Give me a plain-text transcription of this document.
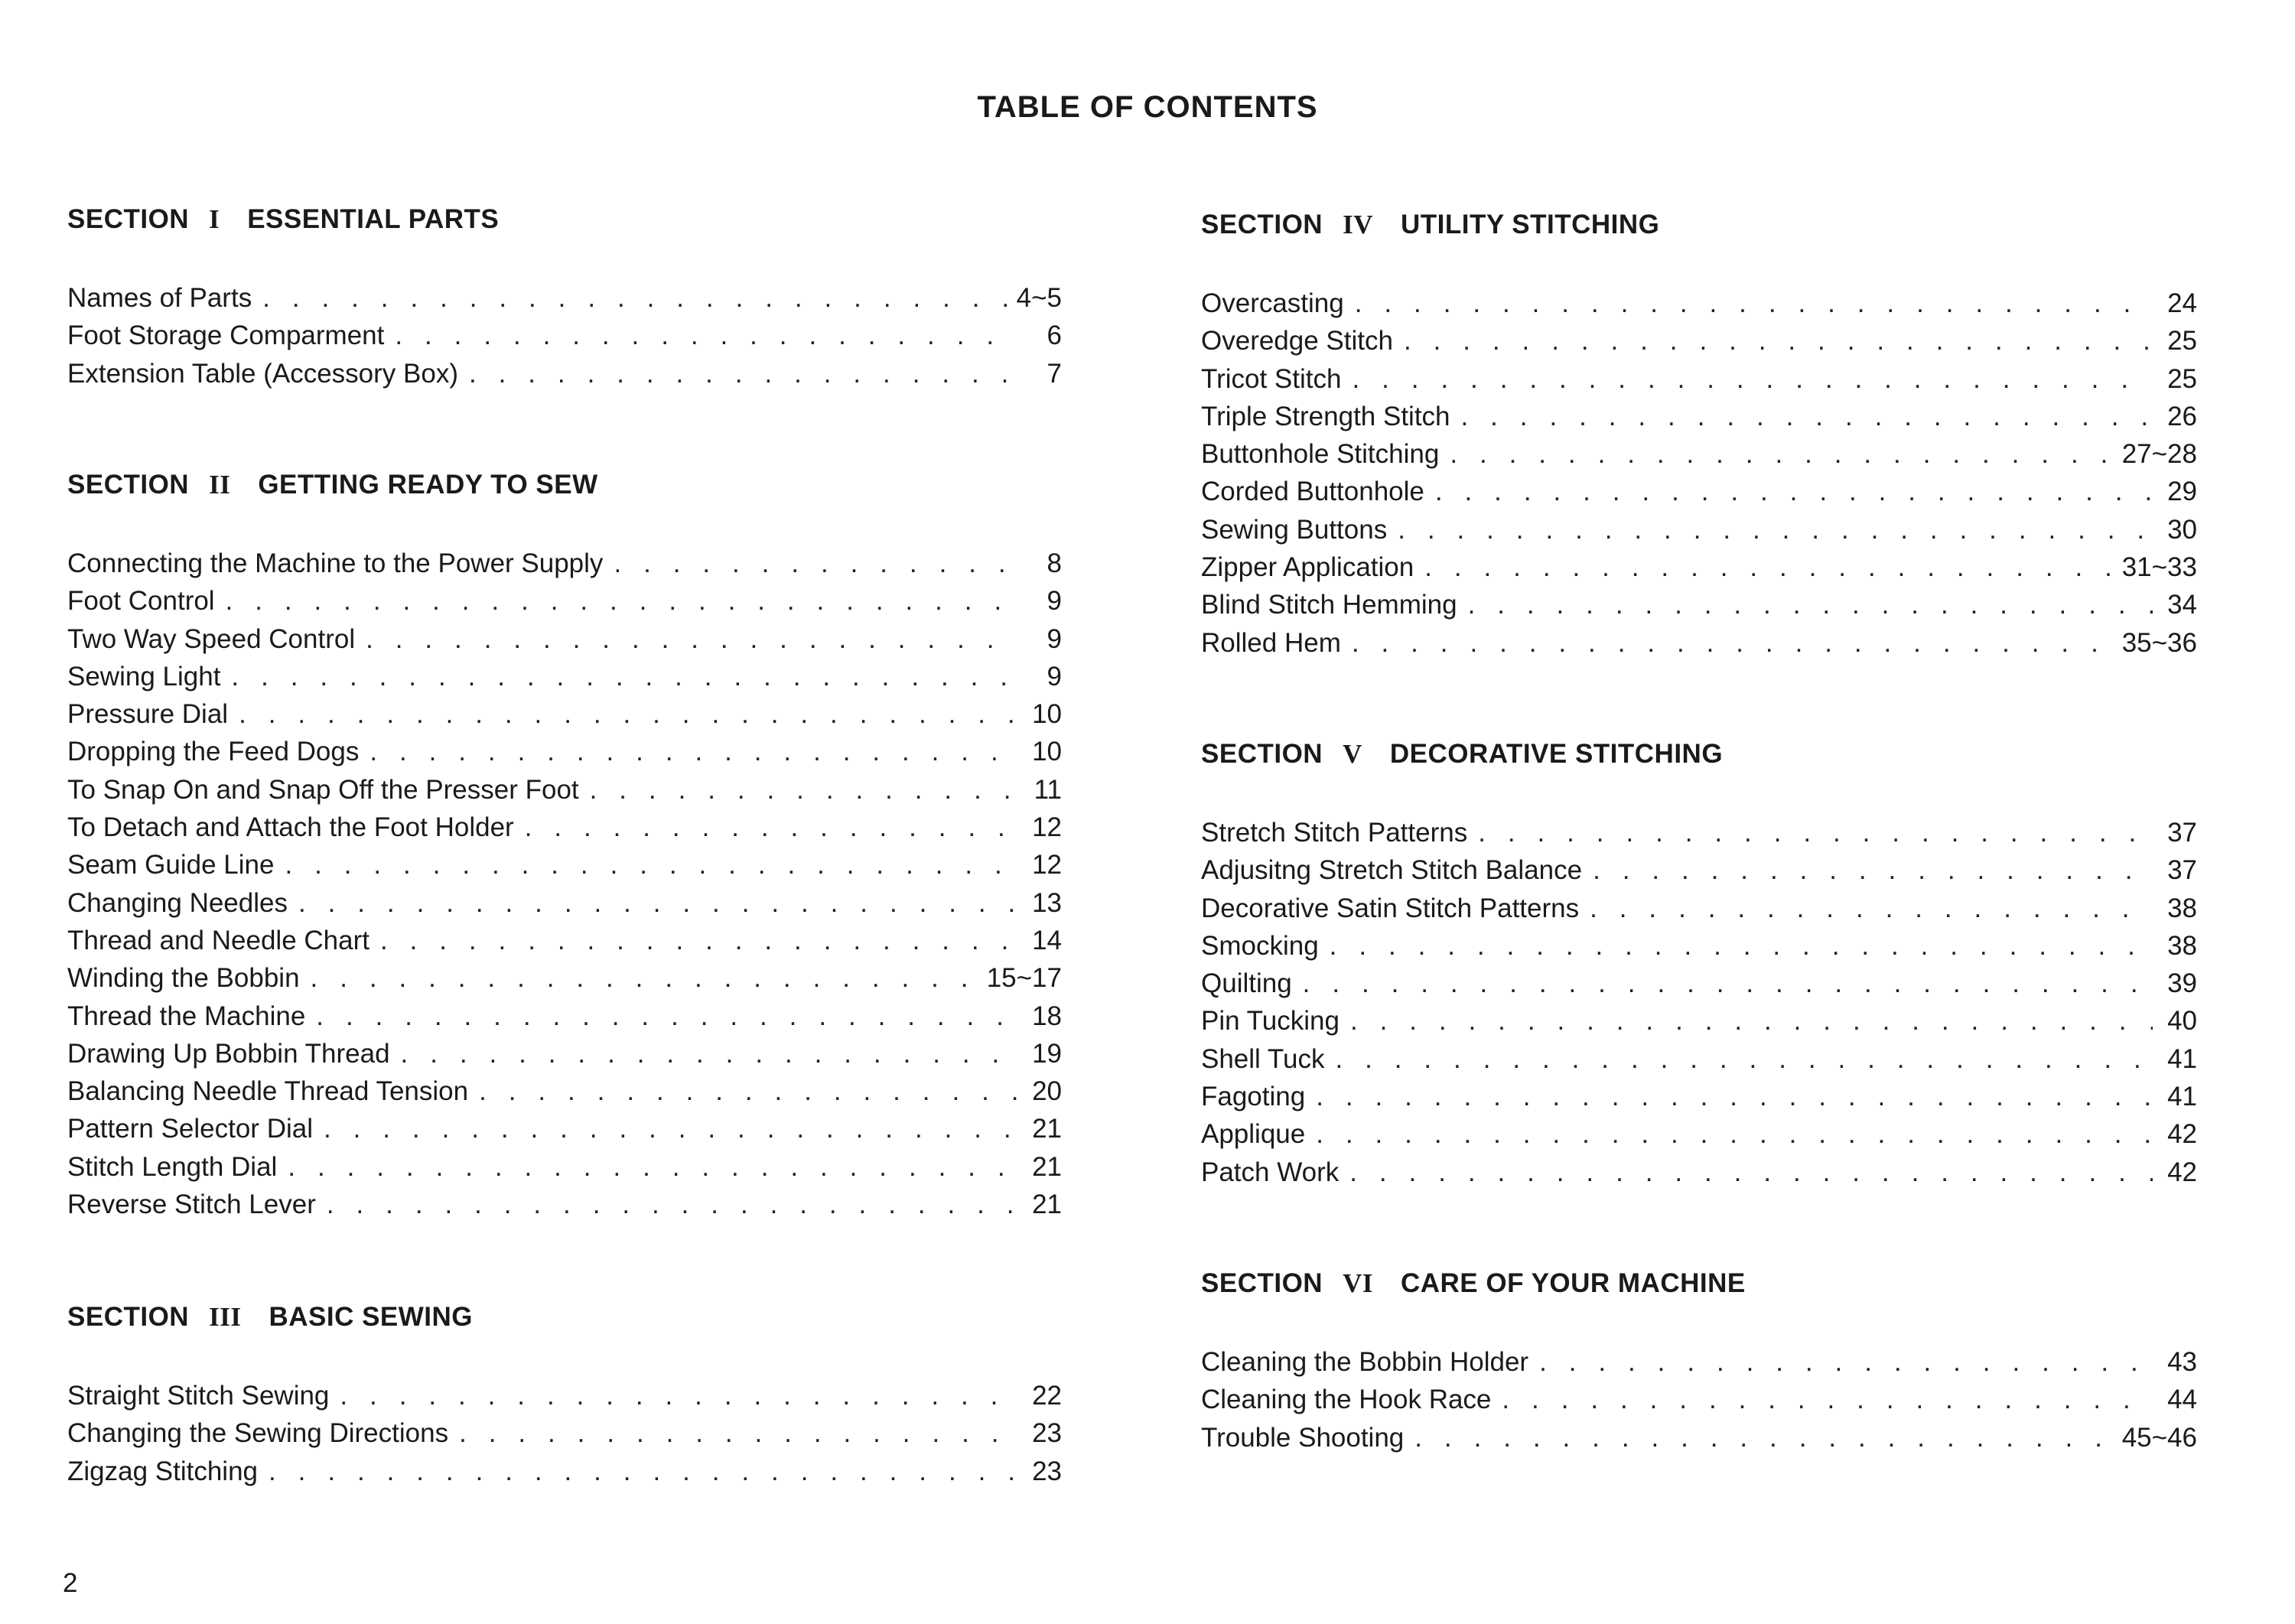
TABLE OF CONTENTS
SECTION I ESSENTIAL PARTS
Names of Parts . . .	4~5
Foot Storage Comparment . . .	6
Extension Table (Accessory Box) . . .	7
SECTION II GETTING READY TO SEW
Connecting the Machine to the Power Supply . . .	8
Foot Control . . .	9
Two Way Speed Control . . .	9
Sewing Light . . .	9
Pressure Dial . . .	10
Dropping the Feed Dogs . . .	10
To Snap On and Snap Off the Presser Foot . . .	11
To Detach and Attach the Foot Holder . . .	12
Seam Guide Line . . .	12
Changing Needles . . .	13
Thread and Needle Chart . . .	14
Winding the Bobbin . . .	15~17
Thread the Machine . . .	18
Drawing Up Bobbin Thread . . .	19
Balancing Needle Thread Tension . . .	20
Pattern Selector Dial . . .	21
Stitch Length Dial . . .	21
Reverse Stitch Lever . . .	21
SECTION III BASIC SEWING
Straight Stitch Sewing . . .	22
Changing the Sewing Directions . . .	23
Zigzag Stitching . . .	23
SECTION IV UTILITY STITCHING
Overcasting . . .	24
Overedge Stitch . . .	25
Tricot Stitch . . .	25
Triple Strength Stitch . . .	26
Buttonhole Stitching . . .	27~28
Corded Buttonhole . . .	29
Sewing Buttons . . .	30
Zipper Application . . .	31~33
Blind Stitch Hemming . . .	34
Rolled Hem . . .	35~36
SECTION V DECORATIVE STITCHING
Stretch Stitch Patterns . . .	37
Adjusitng Stretch Stitch Balance . . .	37
Decorative Satin Stitch Patterns . . .	38
Smocking . . .	38
Quilting . . .	39
Pin Tucking . . .	40
Shell Tuck . . .	41
Fagoting . . .	41
Applique . . .	42
Patch Work . . .	42
SECTION VI CARE OF YOUR MACHINE
Cleaning the Bobbin Holder . . .	43
Cleaning the Hook Race . . .	44
Trouble Shooting . . .	45~46
2
